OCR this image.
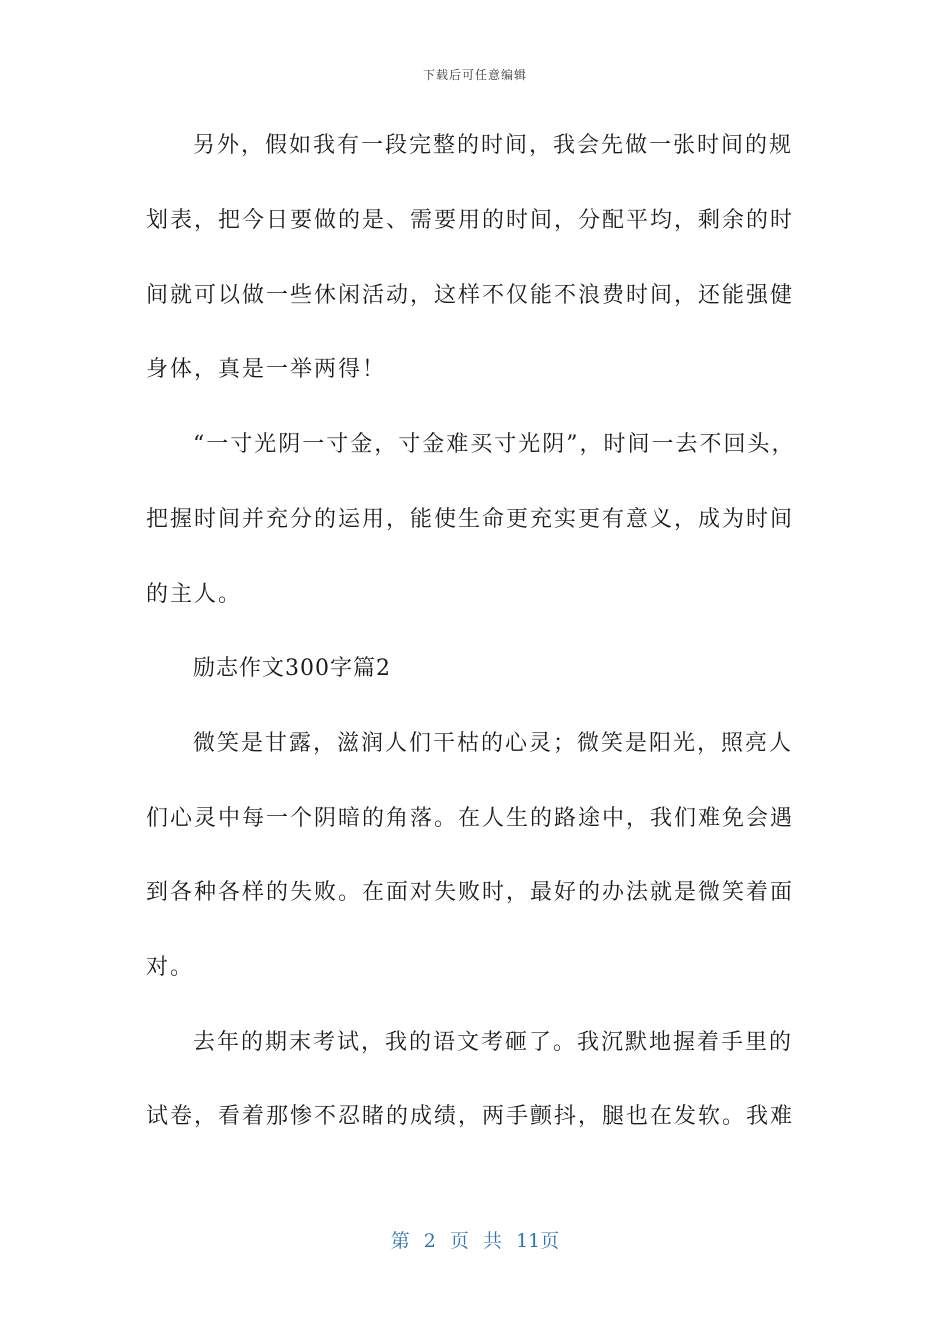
下载后可任意编辑
另外，假如我有一段完整的时间，我会先做一张时间的规
划表，把今日要做的是、需要用的时间，分配平均，剩余的时
间就可以做一些休闲活动，这样不仅能不浪费时间，还能强健
身体，真是一举两得！
“一寸光阴一寸金，寸金难买寸光阴”，时间一去不回头，
把握时间并充分的运用，能使生命更充实更有意义，成为时间
的主人。
励志作文300字篇2
微笑是甘露，滋润人们干枯的心灵；微笑是阳光，照亮人
们心灵中每一个阴暗的角落。在人生的路途中，我们难免会遇
到各种各样的失败。在面对失败时，最好的办法就是微笑着面
对。
去年的期末考试，我的语文考砸了。我沉默地握着手里的
试卷，看着那惨不忍睹的成绩，两手颤抖，腿也在发软。我难
第 2 页 共 11页
